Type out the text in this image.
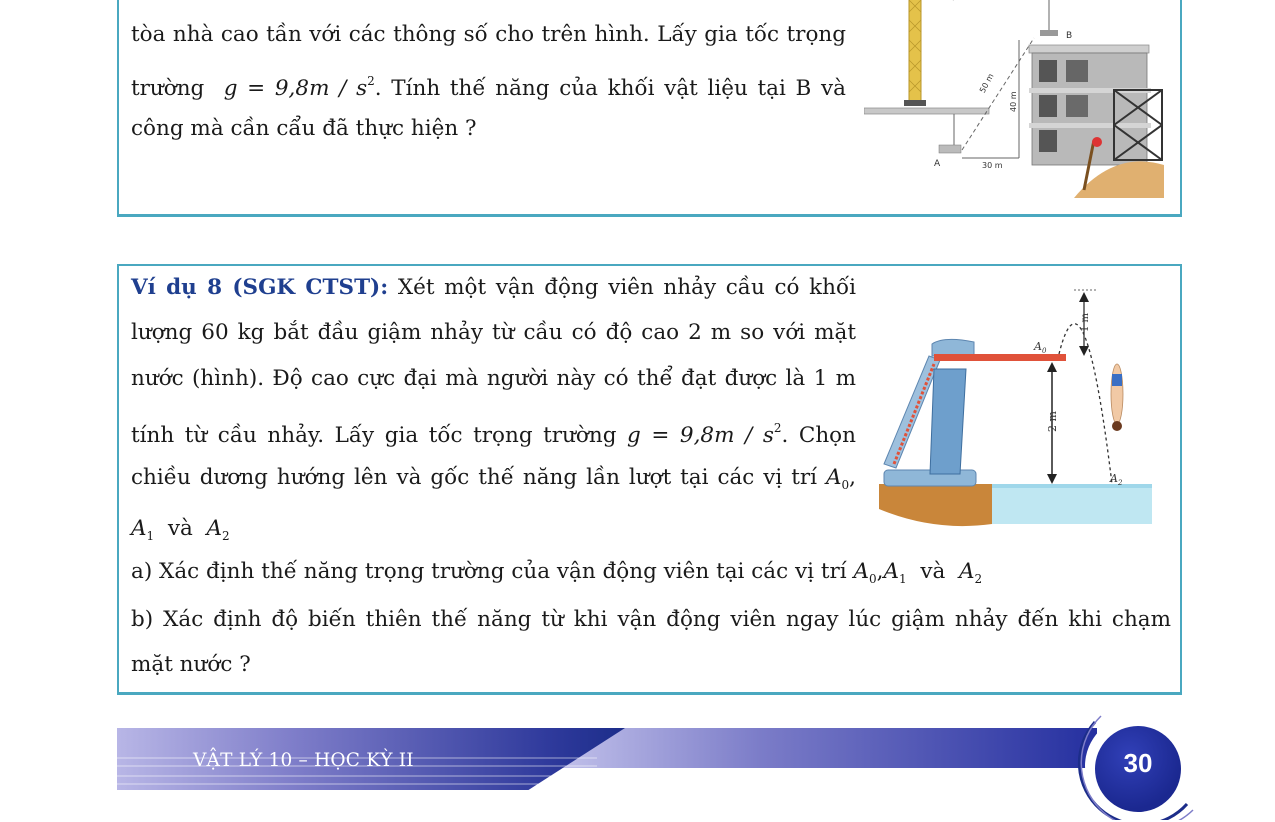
tòa nhà cao tần với các thông số cho trên hình. Lấy gia tốc trọng
trường $g = 9,8m / s^2$. Tính thế năng của khối vật liệu tại B và
công mà cần cẩu đã thực hiện ?
50 m
40 m
30 m
A
B
Ví dụ 8 (SGK CTST): Xét một vận động viên nhảy cầu có khối
lượng 60 kg bắt đầu giậm nhảy từ cầu có độ cao 2 m so với mặt
nước (hình). Độ cao cực đại mà người này có thể đạt được là 1 m
tính từ cầu nhảy. Lấy gia tốc trọng trường $g = 9,8m / s^2$. Chọn
chiều dương hướng lên và gốc thế năng lần lượt tại các vị trí $A_0$,
$A_1$ và $A_2$
a) Xác định thế năng trọng trường của vận động viên tại các vị trí $A_0,A_1$ và $A_2$
b) Xác định độ biến thiên thế năng từ khi vận động viên ngay lúc giậm nhảy đến khi chạm
mặt nước ?
2 m
1 m
$A_0$
$A_2$
VẬT LÝ 10 – HỌC KỲ II	30
